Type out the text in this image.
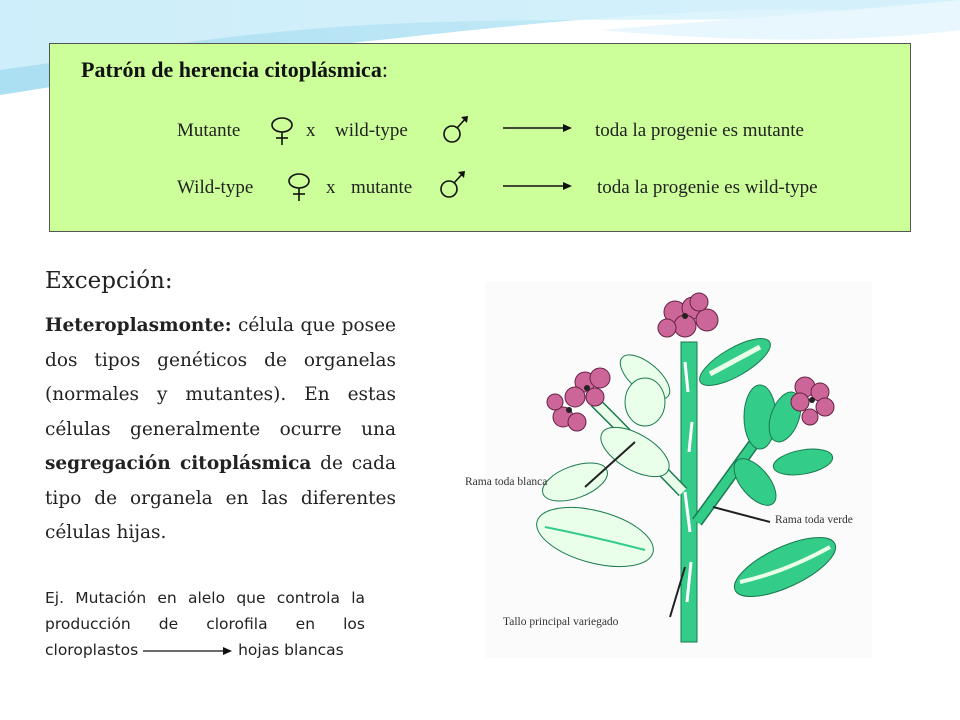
Patrón de herencia citoplásmica:
Mutante	x wild-type	toda la progenie es mutante
Wild-type	x mutante	toda la progenie es wild-type
Excepción:
Heteroplasmonte: célula que posee dos tipos genéticos de organelas (normales y mutantes). En estas células generalmente ocurre una segregación citoplásmica de cada tipo de organela en las diferentes células hijas.
Ej. Mutación en alelo que controla la producción de clorofila en los cloroplastos	hojas blancas
Rama toda blanca
Rama toda verde
Tallo principal variegado
